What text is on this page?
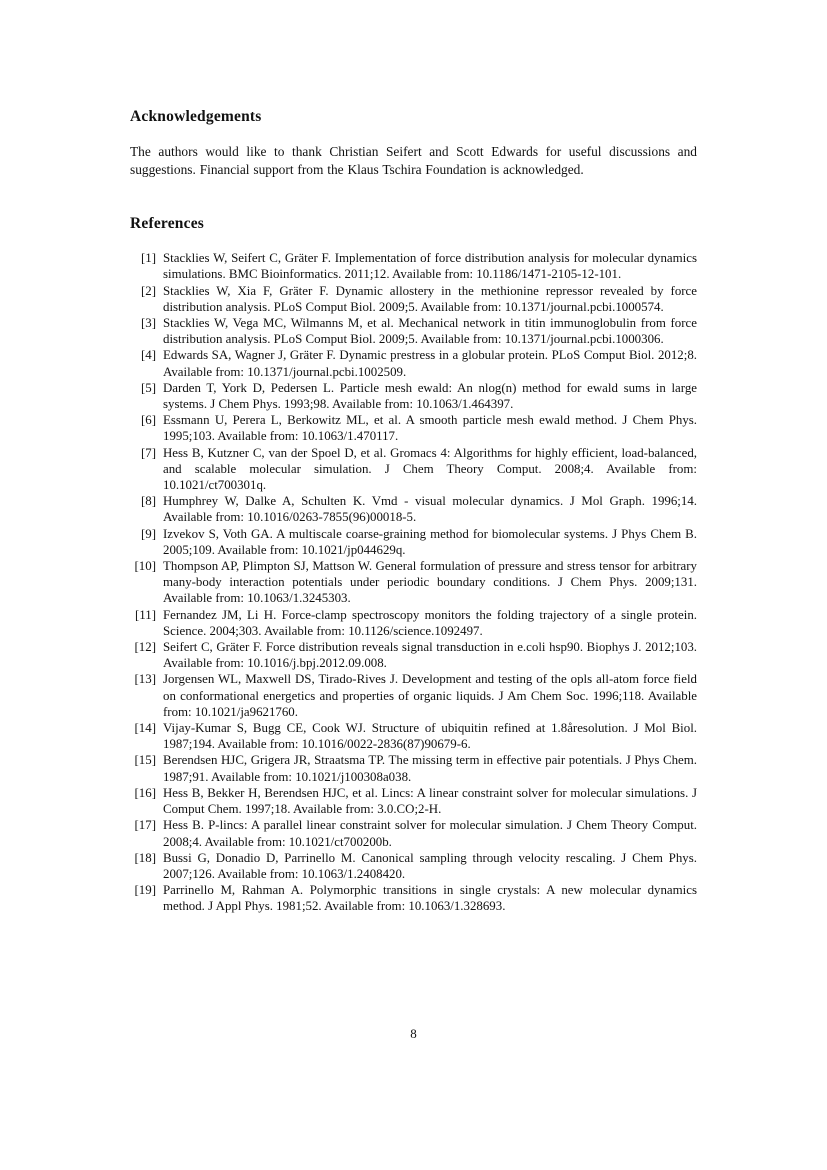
Acknowledgements

The authors would like to thank Christian Seifert and Scott Edwards for useful discussions and suggestions. Financial support from the Klaus Tschira Foundation is acknowledged.

References
[1] Stacklies W, Seifert C, Gräter F. Implementation of force distribution analysis for molecular dynamics simulations. BMC Bioinformatics. 2011;12. Available from: 10.1186/1471-2105-12-101.
[2] Stacklies W, Xia F, Gräter F. Dynamic allostery in the methionine repressor revealed by force distribution analysis. PLoS Comput Biol. 2009;5. Available from: 10.1371/journal.pcbi.1000574.
[3] Stacklies W, Vega MC, Wilmanns M, et al. Mechanical network in titin immunoglobulin from force distribution analysis. PLoS Comput Biol. 2009;5. Available from: 10.1371/journal.pcbi.1000306.
[4] Edwards SA, Wagner J, Gräter F. Dynamic prestress in a globular protein. PLoS Comput Biol. 2012;8. Available from: 10.1371/journal.pcbi.1002509.
[5] Darden T, York D, Pedersen L. Particle mesh ewald: An nlog(n) method for ewald sums in large systems. J Chem Phys. 1993;98. Available from: 10.1063/1.464397.
[6] Essmann U, Perera L, Berkowitz ML, et al. A smooth particle mesh ewald method. J Chem Phys. 1995;103. Available from: 10.1063/1.470117.
[7] Hess B, Kutzner C, van der Spoel D, et al. Gromacs 4: Algorithms for highly efficient, load-balanced, and scalable molecular simulation. J Chem Theory Comput. 2008;4. Available from: 10.1021/ct700301q.
[8] Humphrey W, Dalke A, Schulten K. Vmd - visual molecular dynamics. J Mol Graph. 1996;14. Available from: 10.1016/0263-7855(96)00018-5.
[9] Izvekov S, Voth GA. A multiscale coarse-graining method for biomolecular systems. J Phys Chem B. 2005;109. Available from: 10.1021/jp044629q.
[10] Thompson AP, Plimpton SJ, Mattson W. General formulation of pressure and stress tensor for arbitrary many-body interaction potentials under periodic boundary conditions. J Chem Phys. 2009;131. Available from: 10.1063/1.3245303.
[11] Fernandez JM, Li H. Force-clamp spectroscopy monitors the folding trajectory of a single protein. Science. 2004;303. Available from: 10.1126/science.1092497.
[12] Seifert C, Gräter F. Force distribution reveals signal transduction in e.coli hsp90. Biophys J. 2012;103. Available from: 10.1016/j.bpj.2012.09.008.
[13] Jorgensen WL, Maxwell DS, Tirado-Rives J. Development and testing of the opls all-atom force field on conformational energetics and properties of organic liquids. J Am Chem Soc. 1996;118. Available from: 10.1021/ja9621760.
[14] Vijay-Kumar S, Bugg CE, Cook WJ. Structure of ubiquitin refined at 1.8åresolution. J Mol Biol. 1987;194. Available from: 10.1016/0022-2836(87)90679-6.
[15] Berendsen HJC, Grigera JR, Straatsma TP. The missing term in effective pair potentials. J Phys Chem. 1987;91. Available from: 10.1021/j100308a038.
[16] Hess B, Bekker H, Berendsen HJC, et al. Lincs: A linear constraint solver for molecular simulations. J Comput Chem. 1997;18. Available from: 3.0.CO;2-H.
[17] Hess B. P-lincs: A parallel linear constraint solver for molecular simulation. J Chem Theory Comput. 2008;4. Available from: 10.1021/ct700200b.
[18] Bussi G, Donadio D, Parrinello M. Canonical sampling through velocity rescaling. J Chem Phys. 2007;126. Available from: 10.1063/1.2408420.
[19] Parrinello M, Rahman A. Polymorphic transitions in single crystals: A new molecular dynamics method. J Appl Phys. 1981;52. Available from: 10.1063/1.328693.
8
